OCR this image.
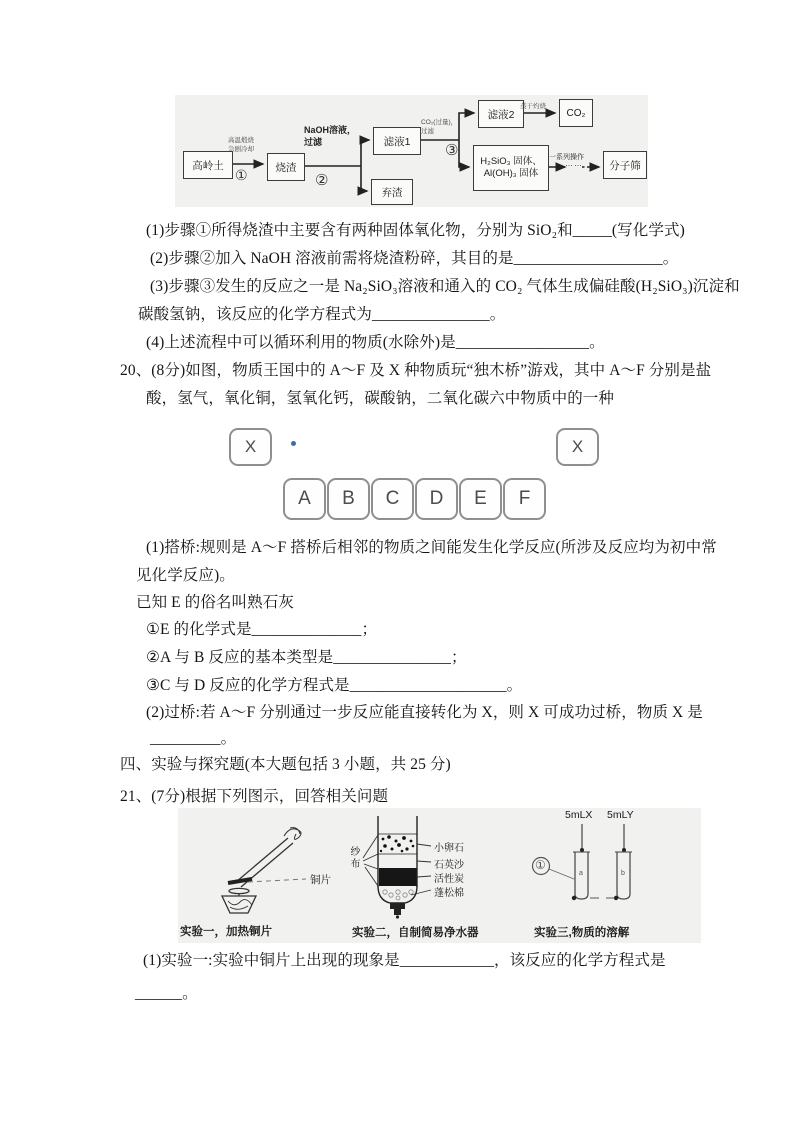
高岭土	烧渣
滤液1
弃渣
滤液2	CO₂
H₂SiO₃ 固体、
Al(OH)₃ 固体
分子筛
高温煅烧
急剧冷却
①
NaOH溶液，
过滤
②
CO₂(过量)，
过滤
③
蒸干灼烧
一系列操作
……
(1)步骤①所得烧渣中主要含有两种固体氧化物，分别为 SiO₂和_____(写化学式)
(2)步骤②加入 NaOH 溶液前需将烧渣粉碎，其目的是___________________。
(3)步骤③发生的反应之一是 Na₂SiO₃溶液和通入的 CO₂ 气体生成偏硅酸(H₂SiO₃)沉淀和
碳酸氢钠，该反应的化学方程式为_______________。
(4)上述流程中可以循环利用的物质(水除外)是_________________。
20、(8分)如图，物质王国中的 A～F 及 X 种物质玩“独木桥”游戏，其中 A～F 分别是盐
酸，氢气，氧化铜，氢氧化钙，碳酸钠，二氧化碳六中物质中的一种
X	X
A	B	C	D	E	F
(1)搭桥:规则是 A～F 搭桥后相邻的物质之间能发生化学反应(所涉及反应均为初中常
见化学反应)。
已知 E 的俗名叫熟石灰
①E 的化学式是______________；
②A 与 B 反应的基本类型是_______________；
③C 与 D 反应的化学方程式是____________________。
(2)过桥:若 A～F 分别通过一步反应能直接转化为 X，则 X 可成功过桥，物质 X 是
_________。
四、实验与探究题(本大题包括 3 小题，共 25 分)
21、(7分)根据下列图示，回答相关问题
铜片
纱布	小卵石
石英沙
活性炭
蓬松棉
5mLX 5mLY
①
a	b
实验一，加热铜片	实验二，自制简易净水器	实验三,物质的溶解
(1)实验一:实验中铜片上出现的现象是____________，该反应的化学方程式是
______。
